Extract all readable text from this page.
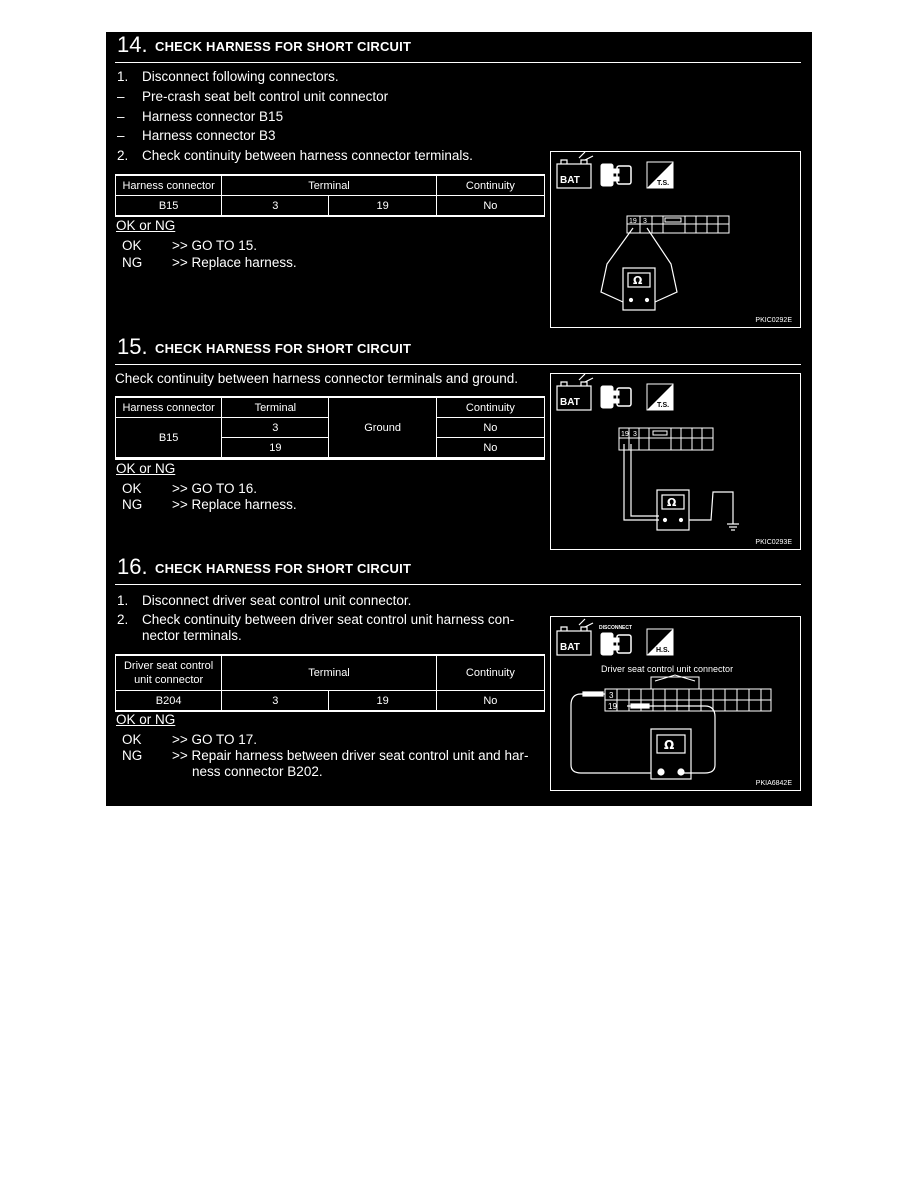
14. CHECK HARNESS FOR SHORT CIRCUIT
1. Disconnect following connectors.
– Pre-crash seat belt control unit connector
– Harness connector B15
– Harness connector B3
2. Check continuity between harness connector terminals.
Harness connector	Terminal		Continuity
B15	3	19	No
OK or NG
OK >> GO TO 15.
NG >> Replace harness.
BAT	T.S.
19 3
Ω
PKIC0292E
15. CHECK HARNESS FOR SHORT CIRCUIT
Check continuity between harness connector terminals and ground.
Harness connector	Terminal	Ground	Continuity
B15	3		No
	19		No
OK or NG
OK >> GO TO 16.
NG >> Replace harness.
BAT	T.S.
19 3
Ω
PKIC0293E
16. CHECK HARNESS FOR SHORT CIRCUIT
1. Disconnect driver seat control unit connector.
2. Check continuity between driver seat control unit harness con-
nector terminals.
Driver seat control
unit connector	Terminal		Continuity
B204	3	19	No
OK or NG
OK >> GO TO 17.
NG >> Repair harness between driver seat control unit and har-
ness connector B202.
BAT
DISCONNECT
H.S.
Driver seat control unit connector
3
19
Ω
PKIA6842E
